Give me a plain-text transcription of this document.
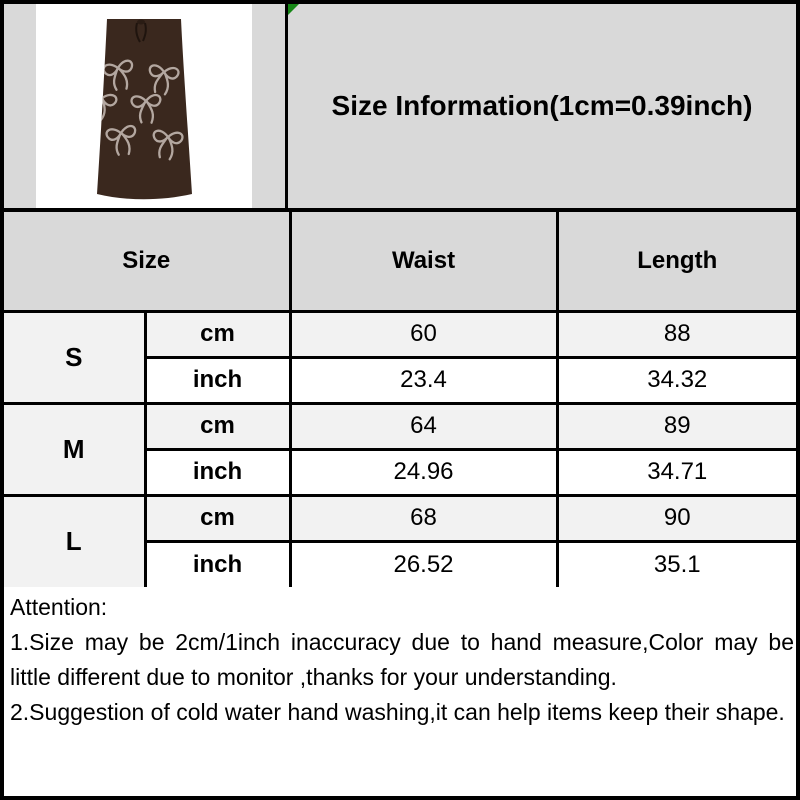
Size Information(1cm=0.39inch)
Size		Waist	Length
S	cm	60	88
	inch	23.4	34.32
M	cm	64	89
	inch	24.96	34.71
L	cm	68	90
	inch	26.52	35.1
Attention:
1.Size may be 2cm/1inch inaccuracy due to hand measure,Color may be little different due to monitor ,thanks for your understanding.
2.Suggestion of cold water hand washing,it can help items keep their shape.
